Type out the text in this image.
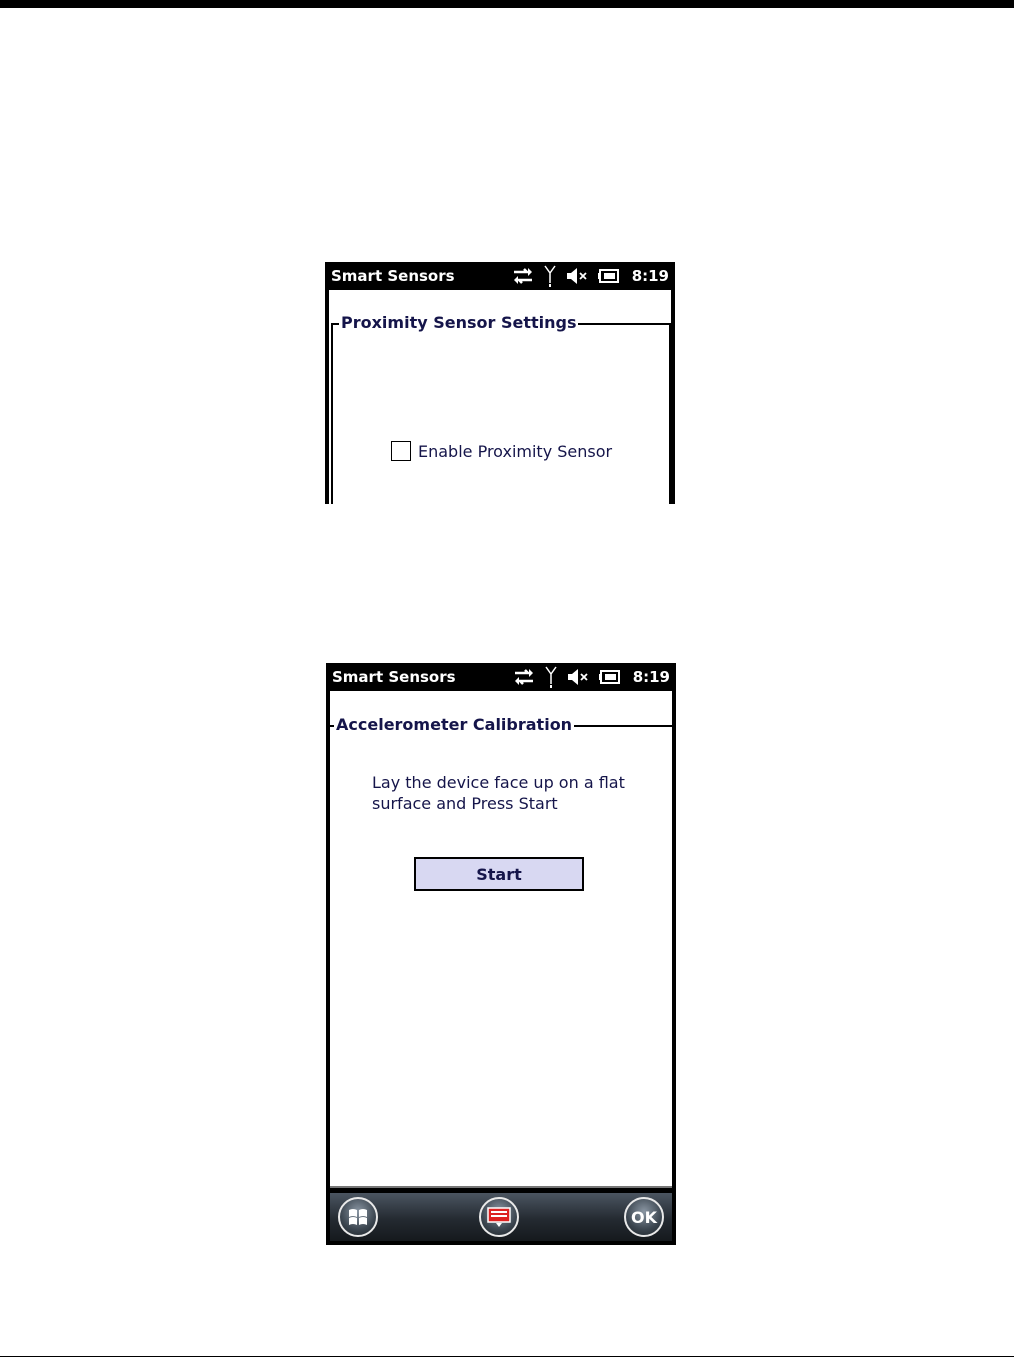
Smart Sensors	8:19
Proximity Sensor Settings
Enable Proximity Sensor
Smart Sensors	8:19
Accelerometer Calibration
Lay the device face up on a flat
surface and Press Start
Start
OK
